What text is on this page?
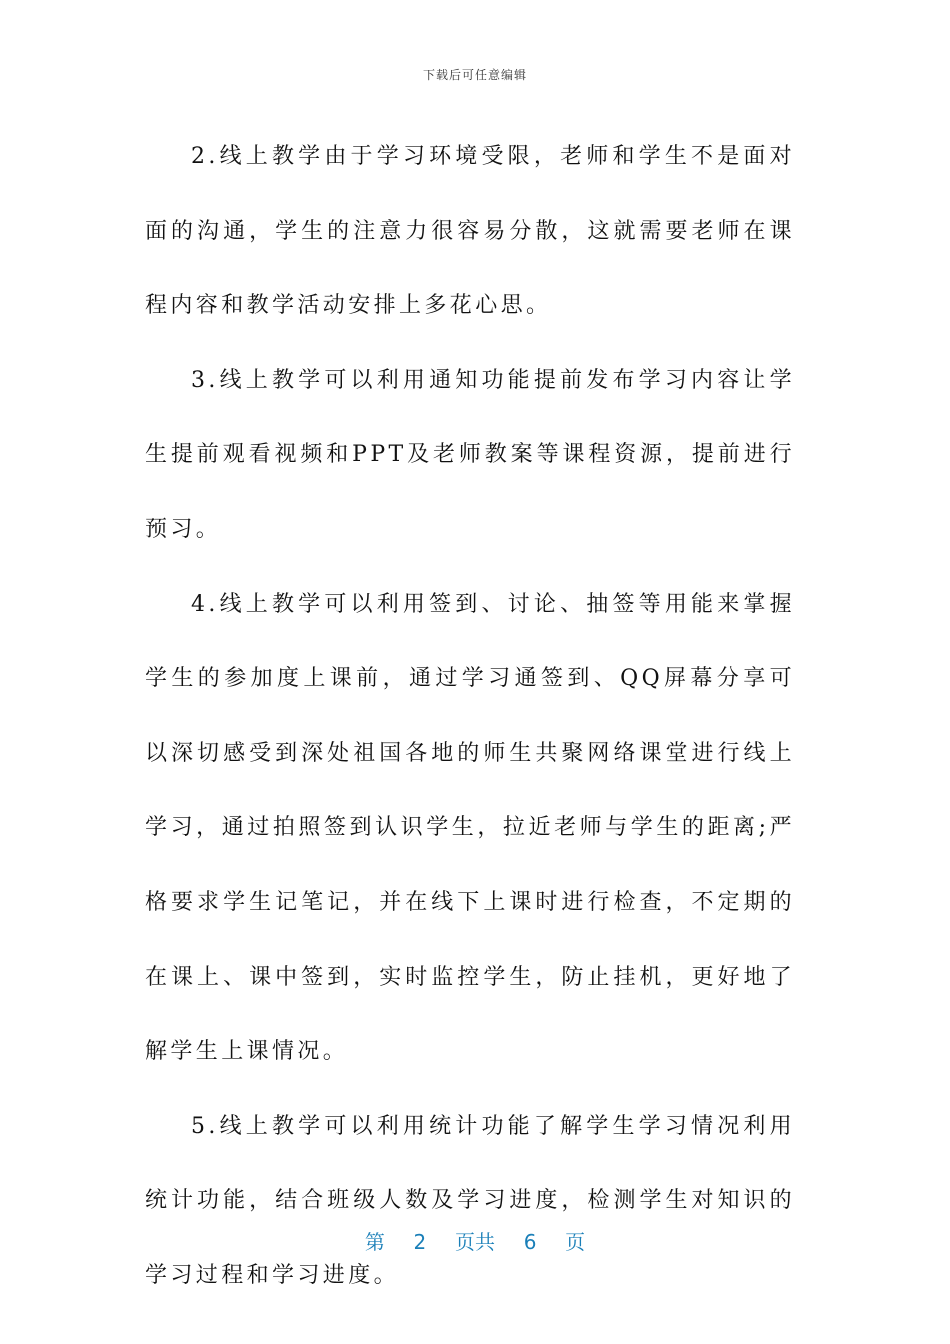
下载后可任意编辑

2.线上教学由于学习环境受限，老师和学生不是面对面的沟通，学生的注意力很容易分散，这就需要老师在课程内容和教学活动安排上多花心思。

3.线上教学可以利用通知功能提前发布学习内容让学生提前观看视频和PPT及老师教案等课程资源，提前进行预习。

4.线上教学可以利用签到、讨论、抽签等用能来掌握学生的参加度上课前，通过学习通签到、QQ屏幕分享可以深切感受到深处祖国各地的师生共聚网络课堂进行线上学习，通过拍照签到认识学生，拉近老师与学生的距离;严格要求学生记笔记，并在线下上课时进行检查，不定期的在课上、课中签到，实时监控学生，防止挂机，更好地了解学生上课情况。

5.线上教学可以利用统计功能了解学生学习情况利用统计功能，结合班级人数及学习进度，检测学生对知识的学习过程和学习进度。

第 2 页共 6 页
